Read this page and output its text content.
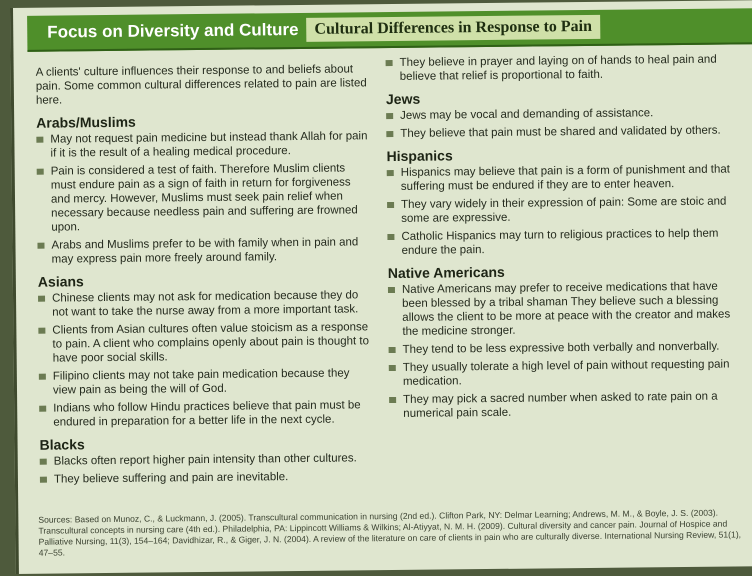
Focus on Diversity and Culture Cultural Differences in Response to Pain

A clients' culture influences their response to and beliefs about pain. Some common cultural differences related to pain are listed here.

Arabs/Muslims
May not request pain medicine but instead thank Allah for pain if it is the result of a healing medical procedure.
Pain is considered a test of faith. Therefore Muslim clients must endure pain as a sign of faith in return for forgiveness and mercy. However, Muslims must seek pain relief when necessary because needless pain and suffering are frowned upon.
Arabs and Muslims prefer to be with family when in pain and may express pain more freely around family.
Asians
Chinese clients may not ask for medication because they do not want to take the nurse away from a more important task.
Clients from Asian cultures often value stoicism as a response to pain. A client who complains openly about pain is thought to have poor social skills.
Filipino clients may not take pain medication because they view pain as being the will of God.
Indians who follow Hindu practices believe that pain must be endured in preparation for a better life in the next cycle.
Blacks
Blacks often report higher pain intensity than other cultures.
They believe suffering and pain are inevitable.
They believe in prayer and laying on of hands to heal pain and believe that relief is proportional to faith.
Jews
Jews may be vocal and demanding of assistance.
They believe that pain must be shared and validated by others.
Hispanics
Hispanics may believe that pain is a form of punishment and that suffering must be endured if they are to enter heaven.
They vary widely in their expression of pain: Some are stoic and some are expressive.
Catholic Hispanics may turn to religious practices to help them endure the pain.
Native Americans
Native Americans may prefer to receive medications that have been blessed by a tribal shaman They believe such a blessing allows the client to be more at peace with the creator and makes the medicine stronger.
They tend to be less expressive both verbally and nonverbally.
They usually tolerate a high level of pain without requesting pain medication.
They may pick a sacred number when asked to rate pain on a numerical pain scale.

Sources: Based on Munoz, C., & Luckmann, J. (2005). Transcultural communication in nursing (2nd ed.). Clifton Park, NY: Delmar Learning; Andrews, M. M., & Boyle, J. S. (2003). Transcultural concepts in nursing care (4th ed.). Philadelphia, PA: Lippincott Williams & Wilkins; Al-Atiyyat, N. M. H. (2009). Cultural diversity and cancer pain. Journal of Hospice and Palliative Nursing, 11(3), 154–164; Davidhizar, R., & Giger, J. N. (2004). A review of the literature on care of clients in pain who are culturally diverse. International Nursing Review, 51(1), 47–55.
